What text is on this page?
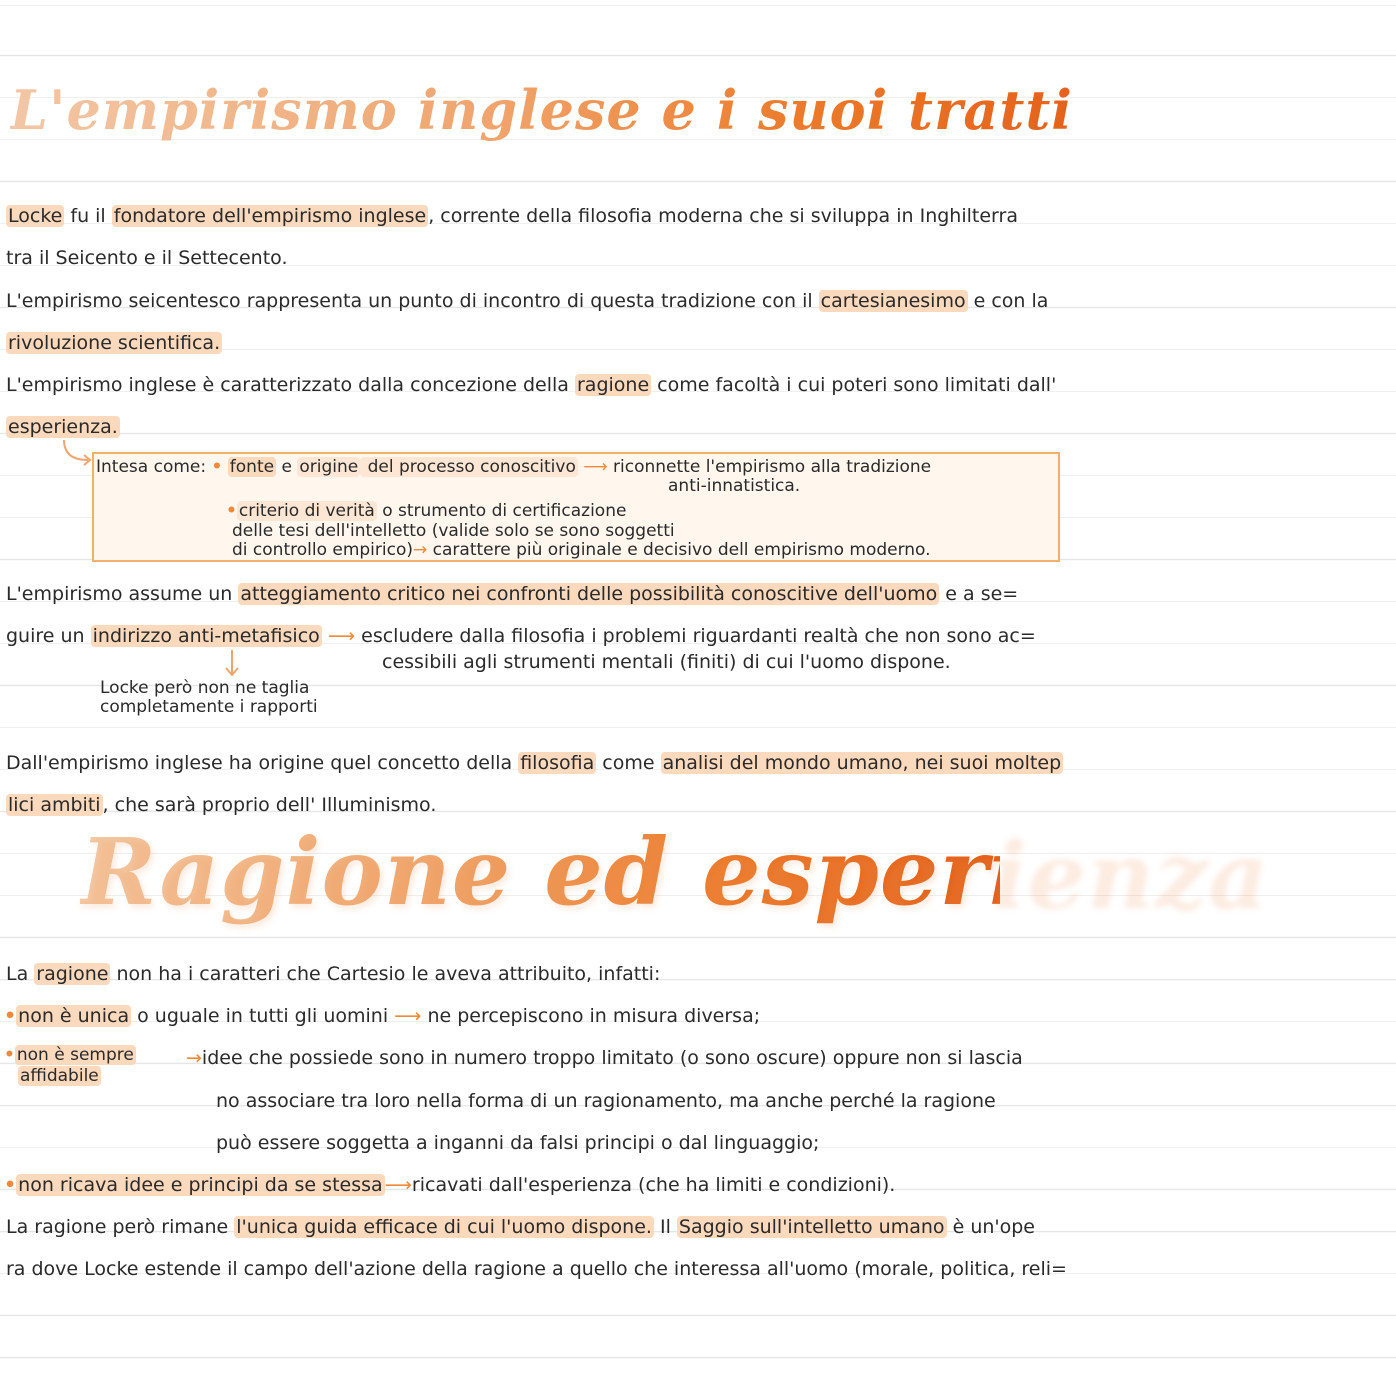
L'empirismo inglese e i suoi tratti principali
Locke fu il fondatore dell'empirismo inglese , corrente della filosofia moderna che si sviluppa in Inghilterra
tra il Seicento e il Settecento.
L'empirismo seicentesco rappresenta un punto di incontro di questa tradizione con il cartesianesimo e con la
rivoluzione scientifica.
L'empirismo inglese è caratterizzato dalla concezione della ragione come facoltà i cui poteri sono limitati dall'
esperienza.
Intesa come: • fonte e origine del processo conoscitivo ⟶ riconnette l'empirismo alla tradizione
anti-innatistica.
• criterio di verità o strumento di certificazione
delle tesi dell'intelletto (valide solo se sono soggetti
di controllo empirico)→ carattere più originale e decisivo dell empirismo moderno.
L'empirismo assume un atteggiamento critico nei confronti delle possibilità conoscitive dell'uomo e a se=
guire un indirizzo anti-metafisico ⟶ escludere dalla filosofia i problemi riguardanti realtà che non sono ac=
cessibili agli strumenti mentali (finiti) di cui l'uomo dispone.
Locke però non ne taglia
completamente i rapporti
Dall'empirismo inglese ha origine quel concetto della filosofia come analisi del mondo umano, nei suoi moltep
lici ambiti , che sarà proprio dell' Illuminismo.
Ragione ed esperienza
La ragione non ha i caratteri che Cartesio le aveva attribuito, infatti:
• non è unica o uguale in tutti gli uomini ⟶ ne percepiscono in misura diversa;
• non è sempre
affidabile
→idee che possiede sono in numero troppo limitato (o sono oscure) oppure non si lascia
no associare tra loro nella forma di un ragionamento, ma anche perché la ragione
può essere soggetta a inganni da falsi principi o dal linguaggio;
• non ricava idee e principi da se stessa ⟶ricavati dall'esperienza (che ha limiti e condizioni).
La ragione però rimane l'unica guida efficace di cui l'uomo dispone. Il Saggio sull'intelletto umano è un'ope
ra dove Locke estende il campo dell'azione della ragione a quello che interessa all'uomo (morale, politica, reli=
